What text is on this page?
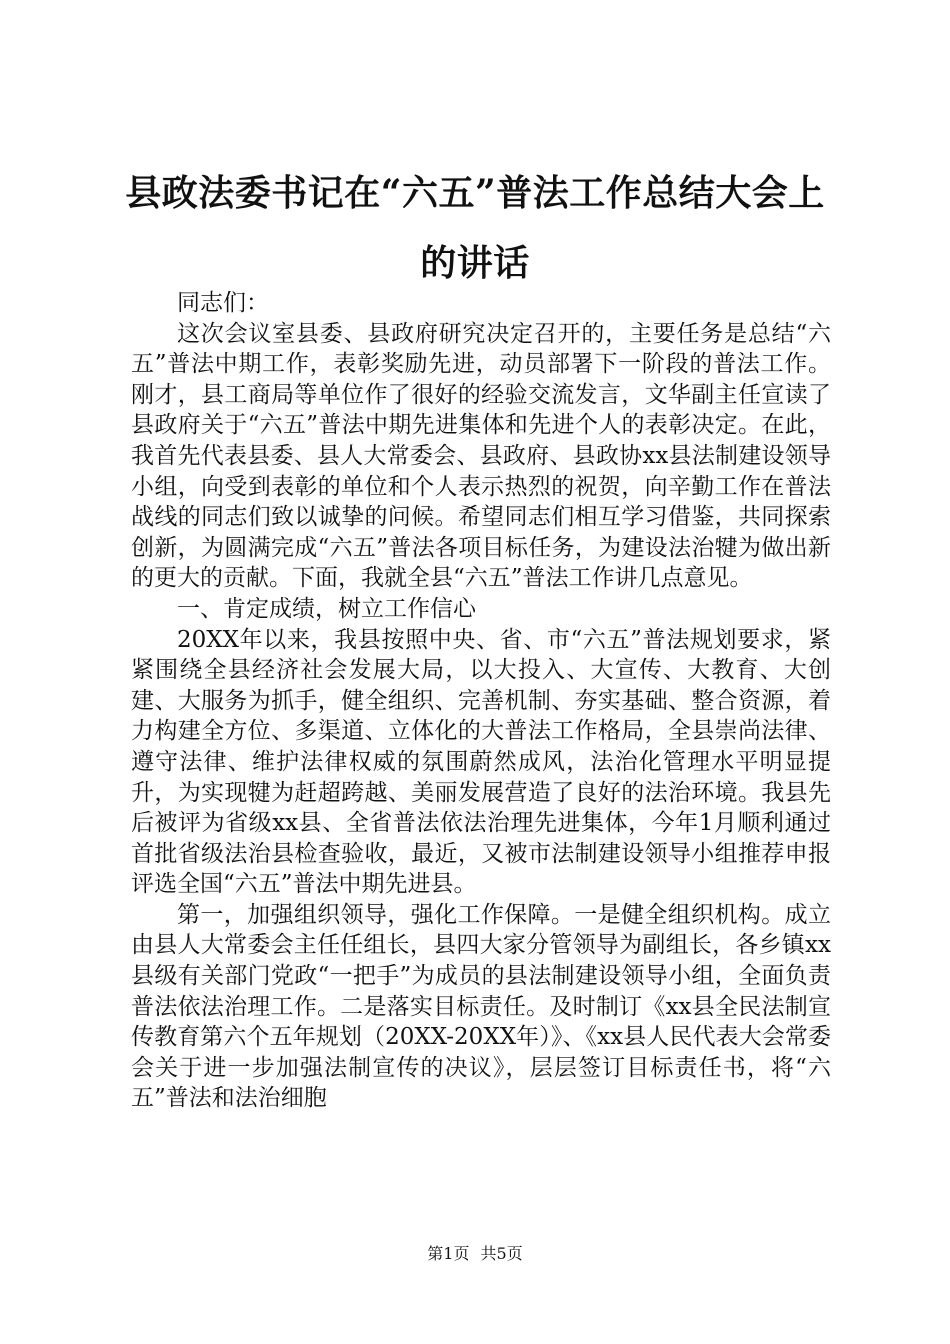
县政法委书记在“六五”普法工作总结大会上
的讲话

同志们：

这次会议室县委、县政府研究决定召开的，主要任务是总结“六五”普法中期工作，表彰奖励先进，动员部署下一阶段的普法工作。刚才，县工商局等单位作了很好的经验交流发言，文华副主任宣读了县政府关于“六五”普法中期先进集体和先进个人的表彰决定。在此，我首先代表县委、县人大常委会、县政府、县政协xx县法制建设领导小组，向受到表彰的单位和个人表示热烈的祝贺，向辛勤工作在普法战线的同志们致以诚挚的问候。希望同志们相互学习借鉴，共同探索创新，为圆满完成“六五”普法各项目标任务，为建设法治犍为做出新的更大的贡献。下面，我就全县“六五”普法工作讲几点意见。

一、肯定成绩，树立工作信心

20XX年以来，我县按照中央、省、市“六五”普法规划要求，紧紧围绕全县经济社会发展大局，以大投入、大宣传、大教育、大创建、大服务为抓手，健全组织、完善机制、夯实基础、整合资源，着力构建全方位、多渠道、立体化的大普法工作格局，全县崇尚法律、遵守法律、维护法律权威的氛围蔚然成风，法治化管理水平明显提升，为实现犍为赶超跨越、美丽发展营造了良好的法治环境。我县先后被评为省级xx县、全省普法依法治理先进集体，今年1月顺利通过首批省级法治县检查验收，最近，又被市法制建设领导小组推荐申报评选全国“六五”普法中期先进县。

第一，加强组织领导，强化工作保障。一是健全组织机构。成立由县人大常委会主任任组长，县四大家分管领导为副组长，各乡镇xx县级有关部门党政“一把手”为成员的县法制建设领导小组，全面负责普法依法治理工作。二是落实目标责任。及时制订《xx县全民法制宣传教育第六个五年规划（20XX-20XX年）》、《xx县人民代表大会常委会关于进一步加强法制宣传的决议》，层层签订目标责任书，将“六五”普法和法治细胞

第1页 共5页
